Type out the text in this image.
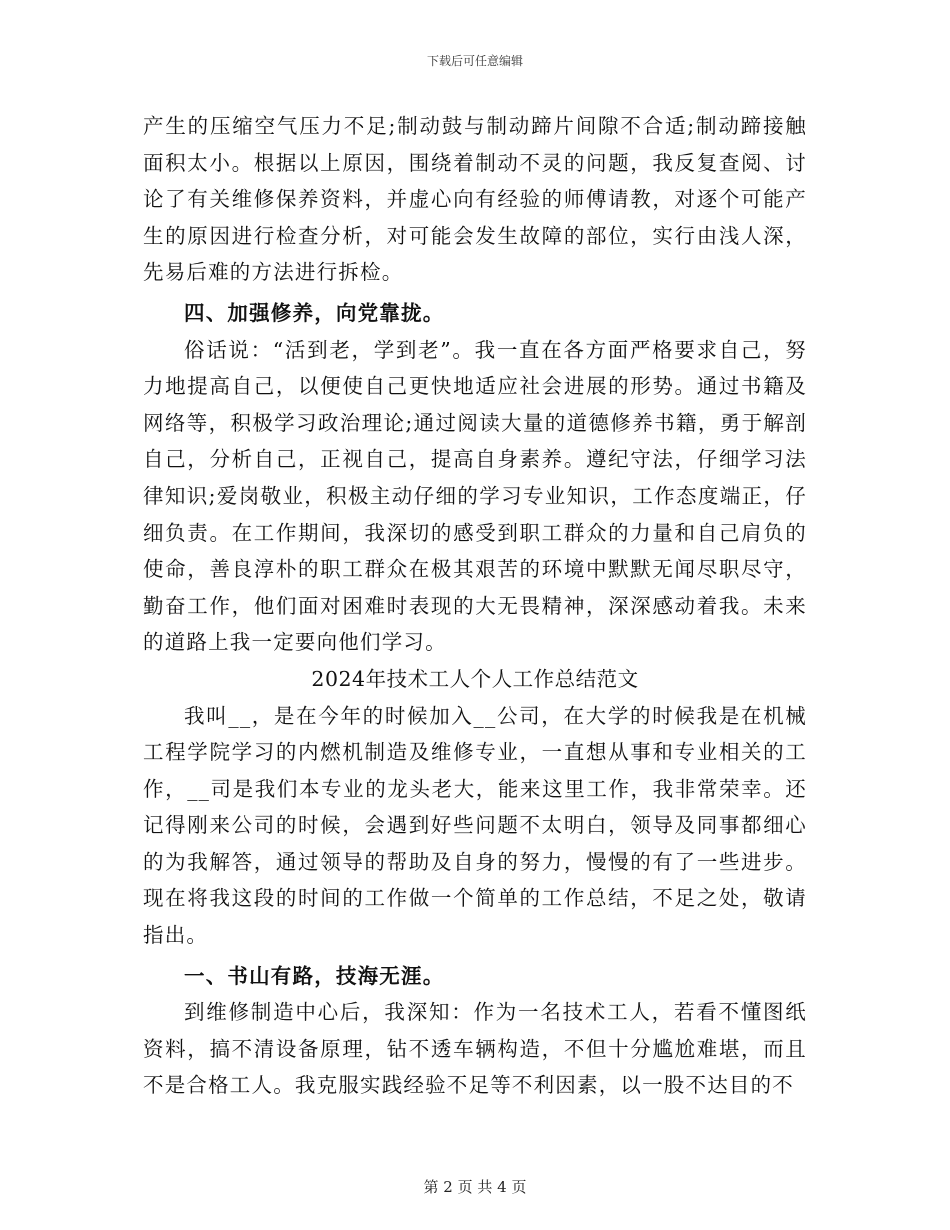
下载后可任意编辑

产生的压缩空气压力不足;制动鼓与制动蹄片间隙不合适;制动蹄接触面积太小。根据以上原因，围绕着制动不灵的问题，我反复查阅、讨论了有关维修保养资料，并虚心向有经验的师傅请教，对逐个可能产生的原因进行检查分析，对可能会发生故障的部位，实行由浅人深，先易后难的方法进行拆检。

四、加强修养，向党靠拢。

俗话说：“活到老，学到老”。我一直在各方面严格要求自己，努力地提高自己，以便使自己更快地适应社会进展的形势。通过书籍及网络等，积极学习政治理论;通过阅读大量的道德修养书籍，勇于解剖自己，分析自己，正视自己，提高自身素养。遵纪守法，仔细学习法律知识;爱岗敬业，积极主动仔细的学习专业知识，工作态度端正，仔细负责。在工作期间，我深切的感受到职工群众的力量和自己肩负的使命，善良淳朴的职工群众在极其艰苦的环境中默默无闻尽职尽守，勤奋工作，他们面对困难时表现的大无畏精神，深深感动着我。未来的道路上我一定要向他们学习。

2024年技术工人个人工作总结范文

我叫__，是在今年的时候加入__公司，在大学的时候我是在机械工程学院学习的内燃机制造及维修专业，一直想从事和专业相关的工作，__司是我们本专业的龙头老大，能来这里工作，我非常荣幸。还记得刚来公司的时候，会遇到好些问题不太明白，领导及同事都细心的为我解答，通过领导的帮助及自身的努力，慢慢的有了一些进步。现在将我这段的时间的工作做一个简单的工作总结，不足之处，敬请指出。

一、书山有路，技海无涯。

到维修制造中心后，我深知：作为一名技术工人，若看不懂图纸资料，搞不清设备原理，钻不透车辆构造，不但十分尴尬难堪，而且不是合格工人。我克服实践经验不足等不利因素，以一股不达目的不

第 2 页 共 4 页
